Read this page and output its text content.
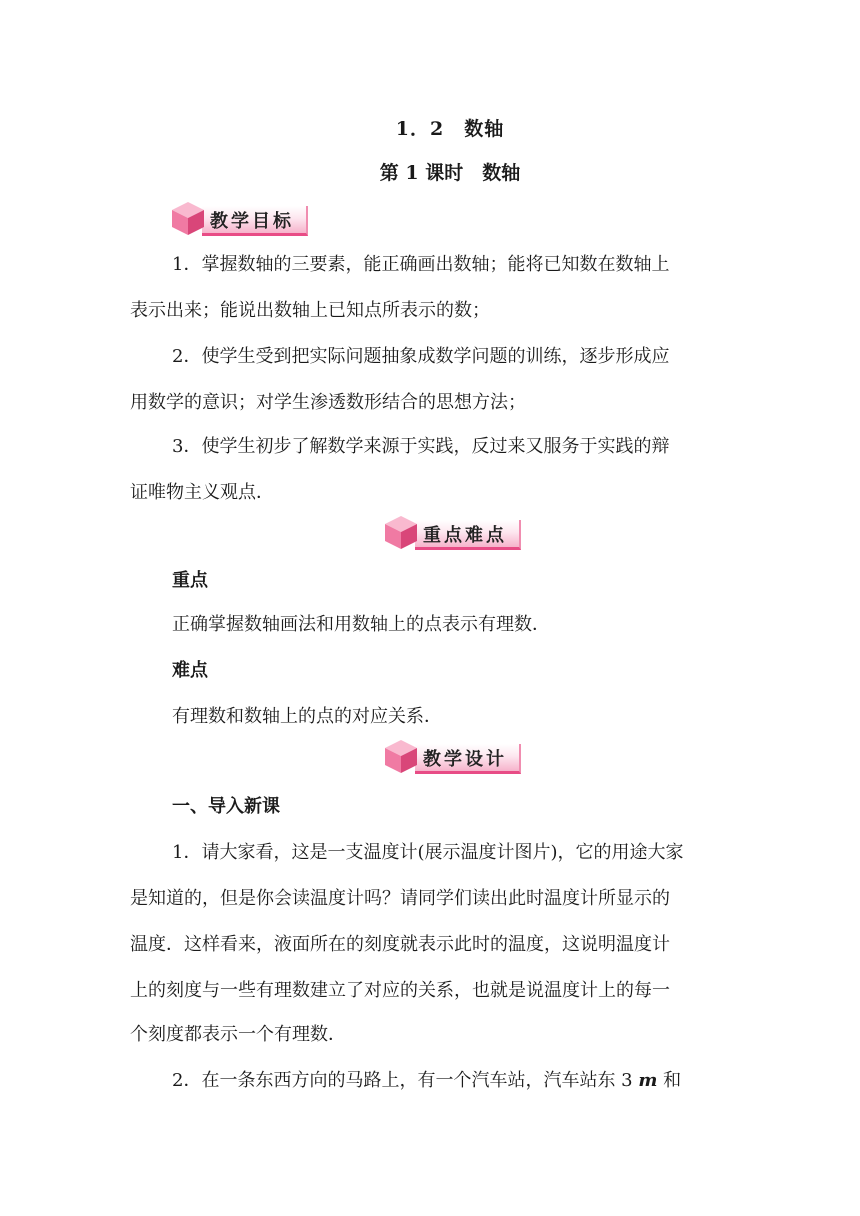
1．2　数轴
第 1 课时　数轴
教学目标
1．掌握数轴的三要素，能正确画出数轴；能将已知数在数轴上
表示出来；能说出数轴上已知点所表示的数；
2．使学生受到把实际问题抽象成数学问题的训练，逐步形成应
用数学的意识；对学生渗透数形结合的思想方法；
3．使学生初步了解数学来源于实践，反过来又服务于实践的辩
证唯物主义观点．
重点难点
重点
正确掌握数轴画法和用数轴上的点表示有理数．
难点
有理数和数轴上的点的对应关系．
教学设计
一、导入新课
1．请大家看，这是一支温度计(展示温度计图片)，它的用途大家
是知道的，但是你会读温度计吗？请同学们读出此时温度计所显示的
温度．这样看来，液面所在的刻度就表示此时的温度，这说明温度计
上的刻度与一些有理数建立了对应的关系，也就是说温度计上的每一
个刻度都表示一个有理数．
2．在一条东西方向的马路上，有一个汽车站，汽车站东 3 m 和
